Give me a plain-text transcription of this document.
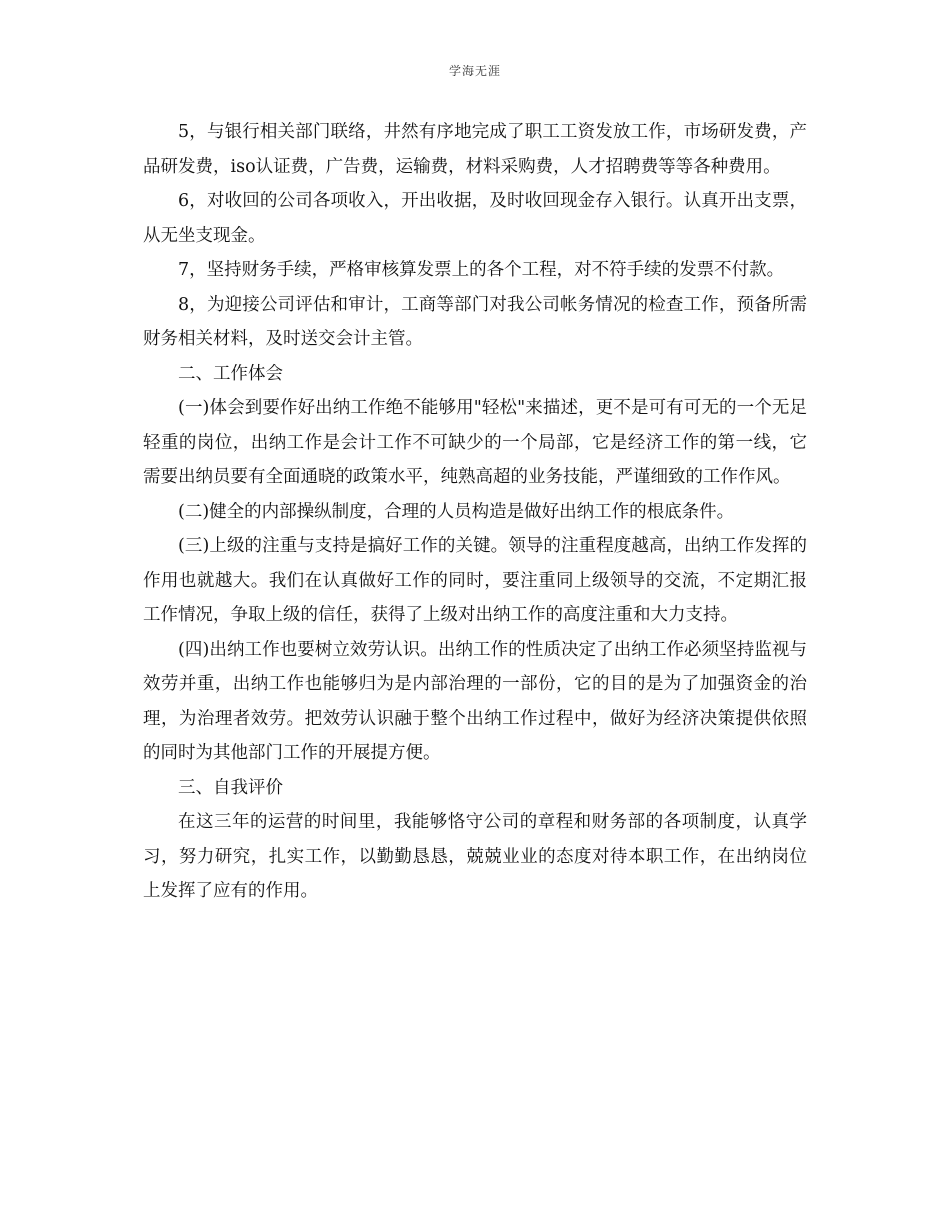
学海无涯

5，与银行相关部门联络，井然有序地完成了职工工资发放工作，市场研发费，产品研发费，iso认证费，广告费，运输费，材料采购费，人才招聘费等等各种费用。

6，对收回的公司各项收入，开出收据，及时收回现金存入银行。认真开出支票，从无坐支现金。

7，坚持财务手续，严格审核算发票上的各个工程，对不符手续的发票不付款。

8，为迎接公司评估和审计，工商等部门对我公司帐务情况的检查工作，预备所需财务相关材料，及时送交会计主管。

二、工作体会

(一)体会到要作好出纳工作绝不能够用"轻松"来描述，更不是可有可无的一个无足轻重的岗位，出纳工作是会计工作不可缺少的一个局部，它是经济工作的第一线，它需要出纳员要有全面通晓的政策水平，纯熟高超的业务技能，严谨细致的工作作风。

(二)健全的内部操纵制度，合理的人员构造是做好出纳工作的根底条件。

(三)上级的注重与支持是搞好工作的关键。领导的注重程度越高，出纳工作发挥的作用也就越大。我们在认真做好工作的同时，要注重同上级领导的交流，不定期汇报工作情况，争取上级的信任，获得了上级对出纳工作的高度注重和大力支持。

(四)出纳工作也要树立效劳认识。出纳工作的性质决定了出纳工作必须坚持监视与效劳并重，出纳工作也能够归为是内部治理的一部份，它的目的是为了加强资金的治理，为治理者效劳。把效劳认识融于整个出纳工作过程中，做好为经济决策提供依照的同时为其他部门工作的开展提方便。

三、自我评价

在这三年的运营的时间里，我能够恪守公司的章程和财务部的各项制度，认真学习，努力研究，扎实工作，以勤勤恳恳，兢兢业业的态度对待本职工作，在出纳岗位上发挥了应有的作用。
